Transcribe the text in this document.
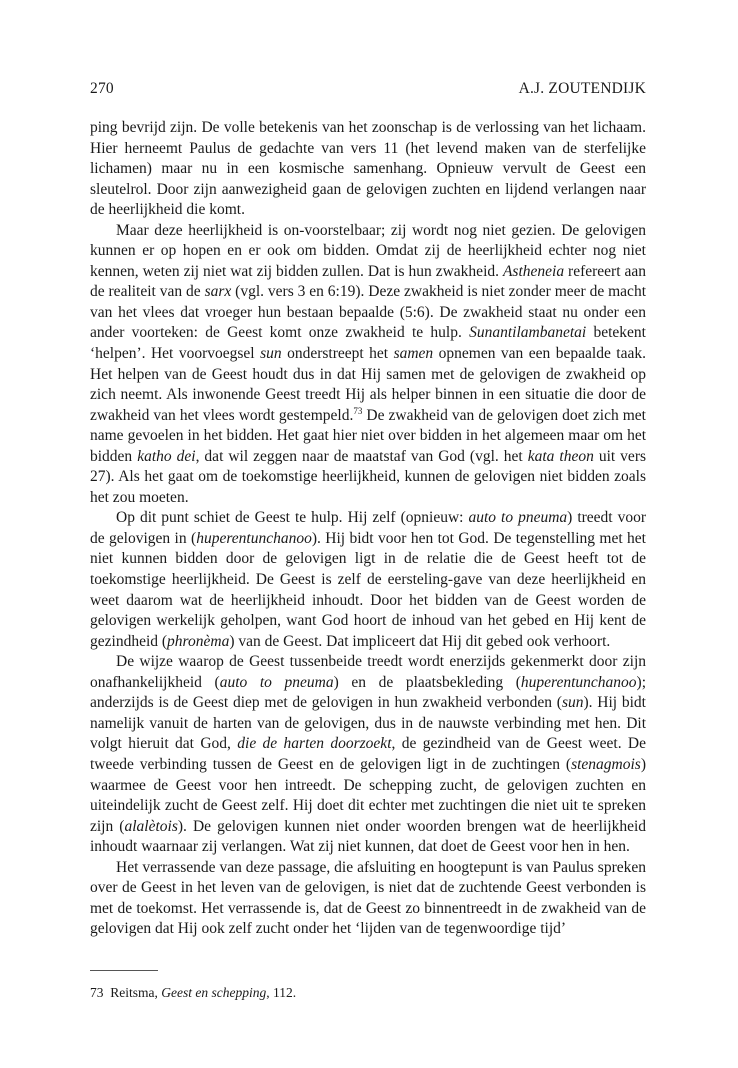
270	A.J. ZOUTENDIJK

ping bevrijd zijn. De volle betekenis van het zoonschap is de verlossing van het lichaam. Hier herneemt Paulus de gedachte van vers 11 (het levend maken van de sterfelijke lichamen) maar nu in een kosmische samenhang. Opnieuw vervult de Geest een sleutelrol. Door zijn aanwezigheid gaan de gelovigen zuchten en lijdend verlangen naar de heerlijkheid die komt.

Maar deze heerlijkheid is on-voorstelbaar; zij wordt nog niet gezien. De gelovigen kunnen er op hopen en er ook om bidden. Omdat zij de heerlijkheid echter nog niet kennen, weten zij niet wat zij bidden zullen. Dat is hun zwakheid. Astheneia refereert aan de realiteit van de sarx (vgl. vers 3 en 6:19). Deze zwakheid is niet zonder meer de macht van het vlees dat vroeger hun bestaan bepaalde (5:6). De zwakheid staat nu onder een ander voorteken: de Geest komt onze zwakheid te hulp. Sunantilambanetai betekent ‘helpen’. Het voorvoegsel sun onderstreept het samen opnemen van een bepaalde taak. Het helpen van de Geest houdt dus in dat Hij samen met de gelovigen de zwakheid op zich neemt. Als inwonende Geest treedt Hij als helper binnen in een situatie die door de zwakheid van het vlees wordt gestempeld.$^{73}$ De zwakheid van de gelovigen doet zich met name gevoelen in het bidden. Het gaat hier niet over bidden in het algemeen maar om het bidden katho dei, dat wil zeggen naar de maatstaf van God (vgl. het kata theon uit vers 27). Als het gaat om de toekomstige heerlijkheid, kunnen de gelovigen niet bidden zoals het zou moeten.

Op dit punt schiet de Geest te hulp. Hij zelf (opnieuw: auto to pneuma) treedt voor de gelovigen in (huperentunchanoo). Hij bidt voor hen tot God. De tegenstelling met het niet kunnen bidden door de gelovigen ligt in de relatie die de Geest heeft tot de toekomstige heerlijkheid. De Geest is zelf de eersteling-gave van deze heerlijkheid en weet daarom wat de heerlijkheid inhoudt. Door het bidden van de Geest worden de gelovigen werkelijk geholpen, want God hoort de inhoud van het gebed en Hij kent de gezindheid (phronèma) van de Geest. Dat impliceert dat Hij dit gebed ook verhoort.

De wijze waarop de Geest tussenbeide treedt wordt enerzijds gekenmerkt door zijn onafhankelijkheid (auto to pneuma) en de plaatsbekleding (huperentunchanoo); anderzijds is de Geest diep met de gelovigen in hun zwakheid verbonden (sun). Hij bidt namelijk vanuit de harten van de gelovigen, dus in de nauwste verbinding met hen. Dit volgt hieruit dat God, die de harten doorzoekt, de gezindheid van de Geest weet. De tweede verbinding tussen de Geest en de gelovigen ligt in de zuchtingen (stenagmois) waarmee de Geest voor hen intreedt. De schepping zucht, de gelovigen zuchten en uiteindelijk zucht de Geest zelf. Hij doet dit echter met zuchtingen die niet uit te spreken zijn (alalètois). De gelovigen kunnen niet onder woorden brengen wat de heerlijkheid inhoudt waarnaar zij verlangen. Wat zij niet kunnen, dat doet de Geest voor hen in hen.

Het verrassende van deze passage, die afsluiting en hoogtepunt is van Paulus spreken over de Geest in het leven van de gelovigen, is niet dat de zuchtende Geest verbonden is met de toekomst. Het verrassende is, dat de Geest zo binnentreedt in de zwakheid van de gelovigen dat Hij ook zelf zucht onder het ‘lijden van de tegenwoordige tijd’

73 Reitsma, Geest en schepping, 112.
